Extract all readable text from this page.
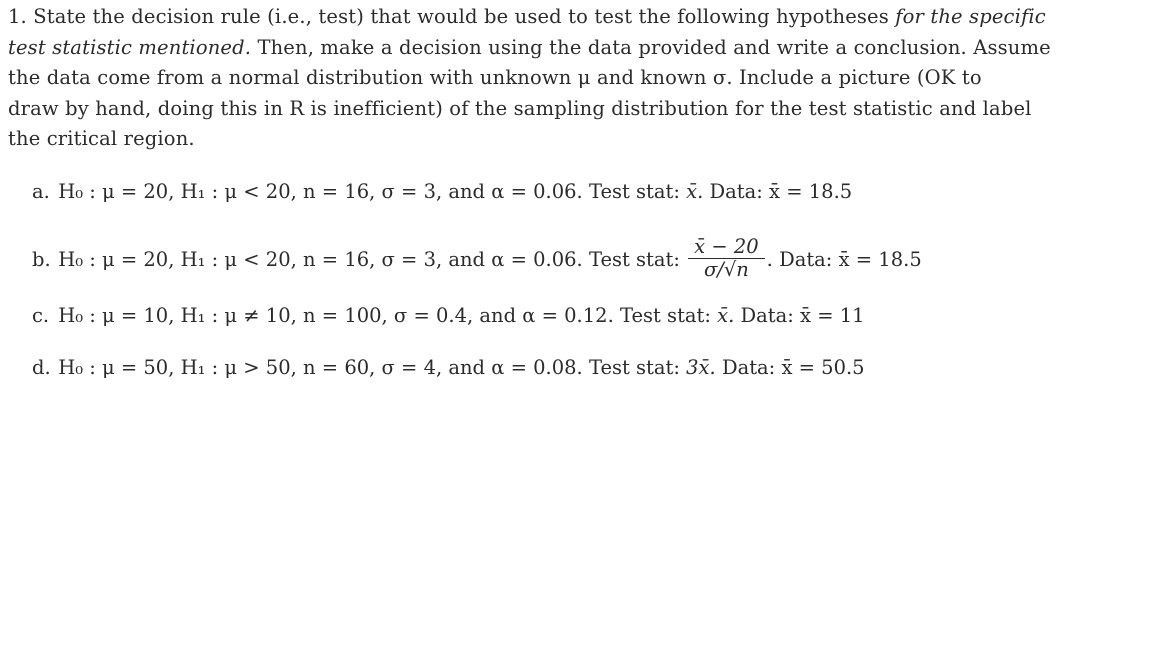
1. State the decision rule (i.e., test) that would be used to test the following hypotheses for the specific
test statistic mentioned. Then, make a decision using the data provided and write a conclusion. Assume
the data come from a normal distribution with unknown μ and known σ. Include a picture (OK to
draw by hand, doing this in R is inefficient) of the sampling distribution for the test statistic and label
the critical region.
a. H₀ : μ = 20, H₁ : μ < 20, n = 16, σ = 3, and α = 0.06. Test stat: x̄. Data: x̄ = 18.5
b. H₀ : μ = 20, H₁ : μ < 20, n = 16, σ = 3, and α = 0.06. Test stat: $\frac{x̄ - 20}{\sigma/√n}$ . Data: x̄ = 18.5
c. H₀ : μ = 10, H₁ : μ ≠ 10, n = 100, σ = 0.4, and α = 0.12. Test stat: x̄. Data: x̄ = 11
d. H₀ : μ = 50, H₁ : μ > 50, n = 60, σ = 4, and α = 0.08. Test stat: 3x̄. Data: x̄ = 50.5
